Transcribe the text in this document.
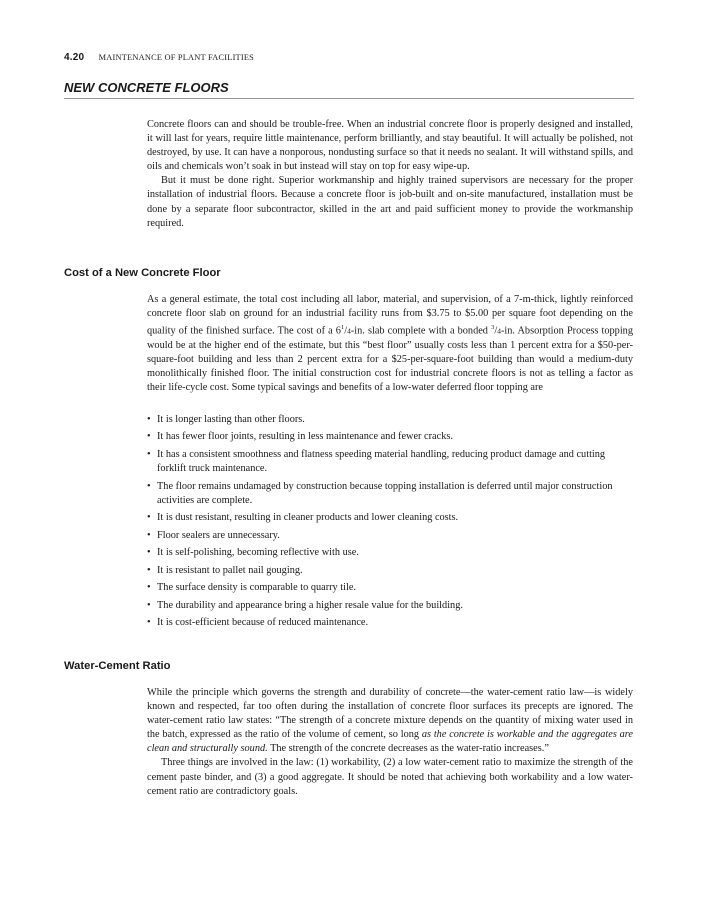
4.20 MAINTENANCE OF PLANT FACILITIES
NEW CONCRETE FLOORS

Concrete floors can and should be trouble-free. When an industrial concrete floor is properly designed and installed, it will last for years, require little maintenance, perform brilliantly, and stay beautiful. It will actually be polished, not destroyed, by use. It can have a nonporous, nondusting surface so that it needs no sealant. It will withstand spills, and oils and chemicals won’t soak in but instead will stay on top for easy wipe-up.

But it must be done right. Superior workmanship and highly trained supervisors are necessary for the proper installation of industrial floors. Because a concrete floor is job-built and on-site manufactured, installation must be done by a separate floor subcontractor, skilled in the art and paid sufficient money to provide the workmanship required.

Cost of a New Concrete Floor

As a general estimate, the total cost including all labor, material, and supervision, of a 7-m-thick, lightly reinforced concrete floor slab on ground for an industrial facility runs from $3.75 to $5.00 per square foot depending on the quality of the finished surface. The cost of a $6^1/4-in$. slab complete with a bonded $^3$/4-in. Absorption Process topping would be at the higher end of the estimate, but this “best floor” usually costs less than 1 percent extra for a $50-per-square-foot building and less than 2 percent extra for a $25-per-square-foot building than would a medium-duty monolithically finished floor. The initial construction cost for industrial concrete floors is not as telling a factor as their life-cycle cost. Some typical savings and benefits of a low-water deferred floor topping are

• It is longer lasting than other floors.
• It has fewer floor joints, resulting in less maintenance and fewer cracks.
• It has a consistent smoothness and flatness speeding material handling, reducing product damage and cutting forklift truck maintenance.
• The floor remains undamaged by construction because topping installation is deferred until major construction activities are complete.
• It is dust resistant, resulting in cleaner products and lower cleaning costs.
• Floor sealers are unnecessary.
• It is self-polishing, becoming reflective with use.
• It is resistant to pallet nail gouging.
• The surface density is comparable to quarry tile.
• The durability and appearance bring a higher resale value for the building.
• It is cost-efficient because of reduced maintenance.
Water-Cement Ratio

While the principle which governs the strength and durability of concrete—the water-cement ratio law—is widely known and respected, far too often during the installation of concrete floor surfaces its precepts are ignored. The water-cement ratio law states: “The strength of a concrete mixture depends on the quantity of mixing water used in the batch, expressed as the ratio of the volume of cement, so long as the concrete is workable and the aggregates are clean and structurally sound. The strength of the concrete decreases as the water-ratio increases.”

Three things are involved in the law: (1) workability, (2) a low water-cement ratio to maximize the strength of the cement paste binder, and (3) a good aggregate. It should be noted that achieving both workability and a low water-cement ratio are contradictory goals.
